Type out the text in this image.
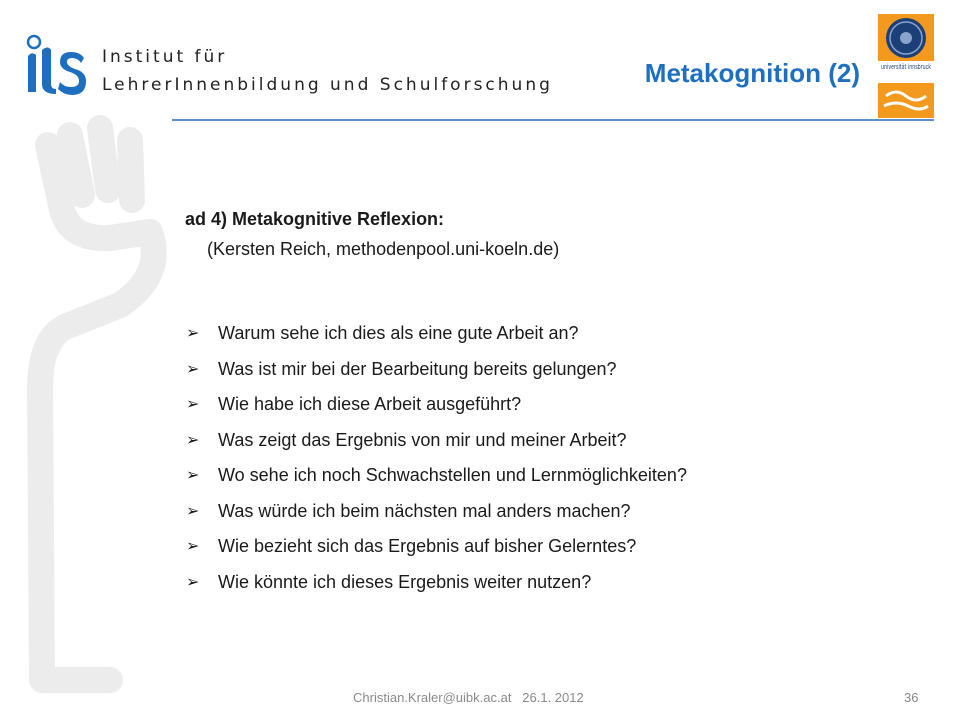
ILS
Institut für
LehrerInnenbildung und Schulforschung	Metakognition (2)	universität innsbruck
ad 4) Metakognitive Reflexion:
(Kersten Reich, methodenpool.uni-koeln.de)
➢	Warum sehe ich dies als eine gute Arbeit an?
➢	Was ist mir bei der Bearbeitung bereits gelungen?
➢	Wie habe ich diese Arbeit ausgeführt?
➢	Was zeigt das Ergebnis von mir und meiner Arbeit?
➢	Wo sehe ich noch Schwachstellen und Lernmöglichkeiten?
➢	Was würde ich beim nächsten mal anders machen?
➢	Wie bezieht sich das Ergebnis auf bisher Gelerntes?
➢	Wie könnte ich dieses Ergebnis weiter nutzen?
Christian.Kraler@uibk.ac.at 26.1. 2012	36
